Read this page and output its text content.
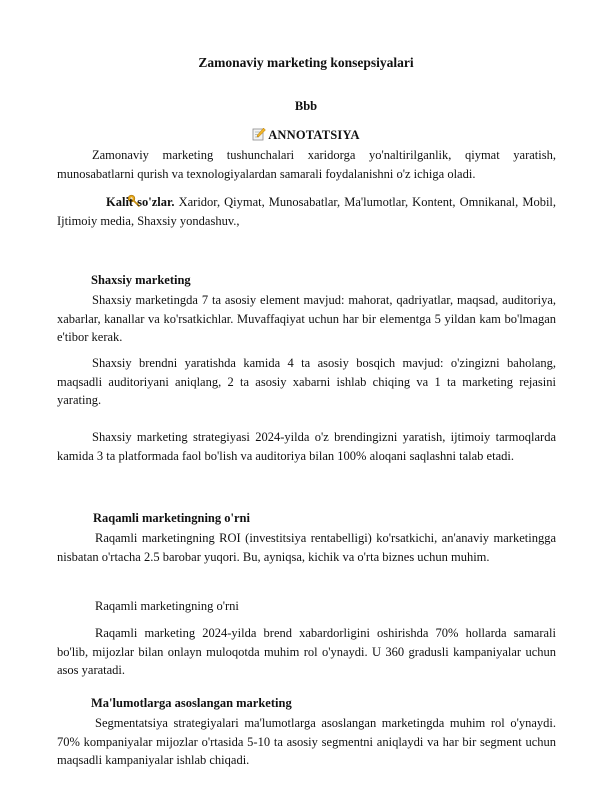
Zamonaviy marketing konsepsiyalari
Bbb
ANNOTATSIYA
Zamonaviy marketing tushunchalari xaridorga yo'naltirilganlik, qiymat yaratish, munosabatlarni qurish va texnologiyalardan samarali foydalanishni o'z ichiga oladi.
Kalit so'zlar. Xaridor, Qiymat, Munosabatlar, Ma'lumotlar, Kontent, Omnikanal, Mobil, Ijtimoiy media, Shaxsiy yondashuv.,
Shaxsiy marketing
Shaxsiy marketingda 7 ta asosiy element mavjud: mahorat, qadriyatlar, maqsad, auditoriya, xabarlar, kanallar va ko'rsatkichlar. Muvaffaqiyat uchun har bir elementga 5 yildan kam bo'lmagan e'tibor kerak.
Shaxsiy brendni yaratishda kamida 4 ta asosiy bosqich mavjud: o'zingizni baholang, maqsadli auditoriyani aniqlang, 2 ta asosiy xabarni ishlab chiqing va 1 ta marketing rejasini yarating.
Shaxsiy marketing strategiyasi 2024-yilda o'z brendingizni yaratish, ijtimoiy tarmoqlarda kamida 3 ta platformada faol bo'lish va auditoriya bilan 100% aloqani saqlashni talab etadi.
Raqamli marketingning o'rni
Raqamli marketingning ROI (investitsiya rentabelligi) ko'rsatkichi, an'anaviy marketingga nisbatan o'rtacha 2.5 barobar yuqori. Bu, ayniqsa, kichik va o'rta biznes uchun muhim.
Raqamli marketingning o'rni
Raqamli marketing 2024-yilda brend xabardorligini oshirishda 70% hollarda samarali bo'lib, mijozlar bilan onlayn muloqotda muhim rol o'ynaydi. U 360 gradusli kampaniyalar uchun asos yaratadi.
Ma'lumotlarga asoslangan marketing
Segmentatsiya strategiyalari ma'lumotlarga asoslangan marketingda muhim rol o'ynaydi. 70% kompaniyalar mijozlar o'rtasida 5-10 ta asosiy segmentni aniqlaydi va har bir segment uchun maqsadli kampaniyalar ishlab chiqadi.
